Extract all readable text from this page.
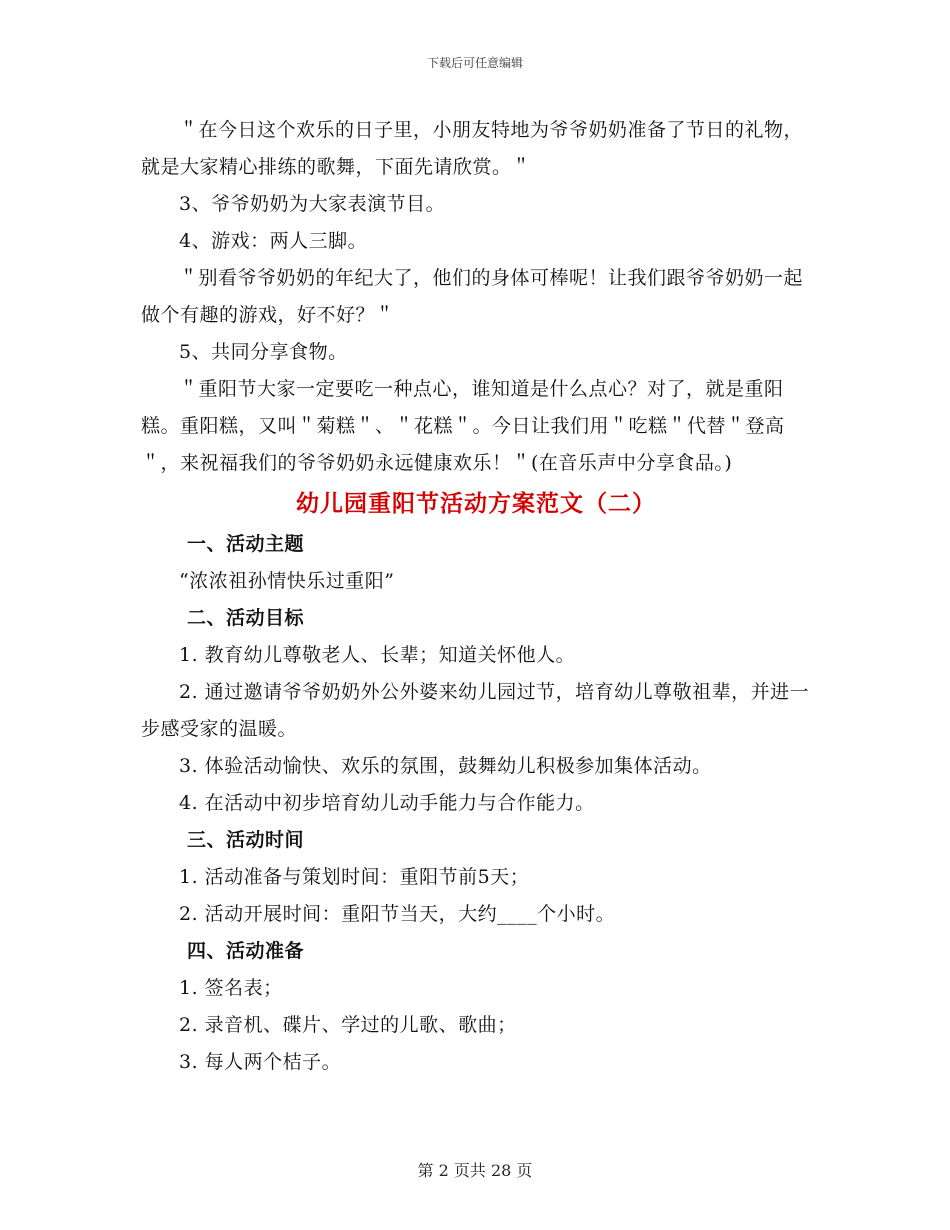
下载后可任意编辑

＂在今日这个欢乐的日子里，小朋友特地为爷爷奶奶准备了节日的礼物，就是大家精心排练的歌舞，下面先请欣赏。＂

3、爷爷奶奶为大家表演节目。

4、游戏：两人三脚。

＂别看爷爷奶奶的年纪大了，他们的身体可棒呢！让我们跟爷爷奶奶一起做个有趣的游戏，好不好？＂

5、共同分享食物。

＂重阳节大家一定要吃一种点心，谁知道是什么点心？对了，就是重阳糕。重阳糕，又叫＂菊糕＂、＂花糕＂。今日让我们用＂吃糕＂代替＂登高＂，来祝福我们的爷爷奶奶永远健康欢乐！＂(在音乐声中分享食品。)

幼儿园重阳节活动方案范文（二）

一、活动主题

“浓浓祖孙情快乐过重阳”

二、活动目标

1. 教育幼儿尊敬老人、长辈；知道关怀他人。

2. 通过邀请爷爷奶奶外公外婆来幼儿园过节，培育幼儿尊敬祖辈，并进一步感受家的温暖。

3. 体验活动愉快、欢乐的氛围，鼓舞幼儿积极参加集体活动。

4. 在活动中初步培育幼儿动手能力与合作能力。

三、活动时间

1. 活动准备与策划时间：重阳节前5天；

2. 活动开展时间：重阳节当天，大约____个小时。

四、活动准备

1. 签名表；

2. 录音机、碟片、学过的儿歌、歌曲；

3. 每人两个桔子。

第 2 页共 28 页
